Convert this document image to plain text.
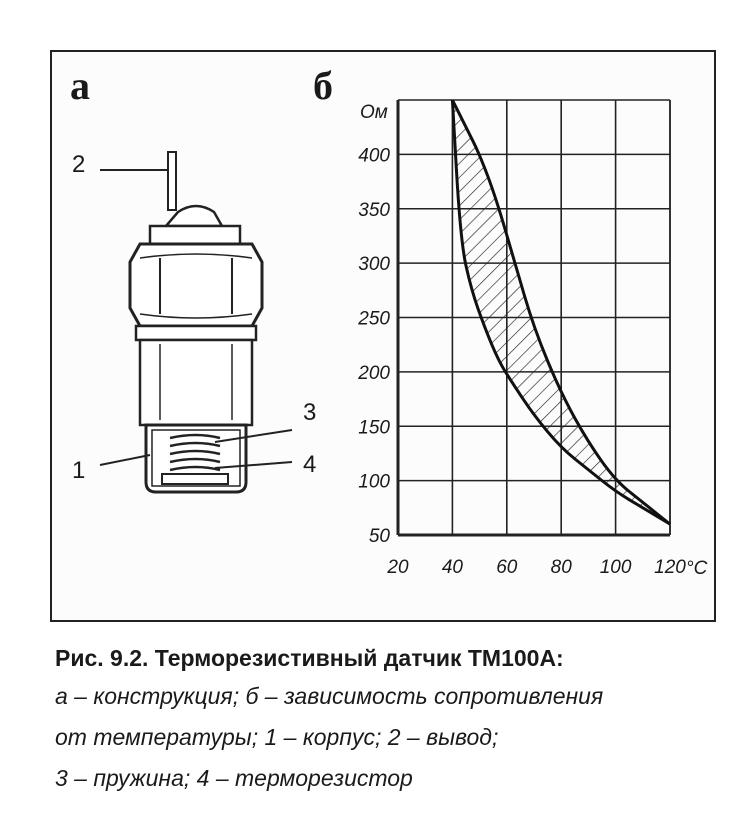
а	б
2
1
3
4
50
100
150
200
250
300
350
400
20 40 60 80 100 120
Ом
°C
Рис. 9.2. Терморезистивный датчик ТМ100А:
а – конструкция; б – зависимость сопротивления
от температуры; 1 – корпус; 2 – вывод;
3 – пружина; 4 – терморезистор
